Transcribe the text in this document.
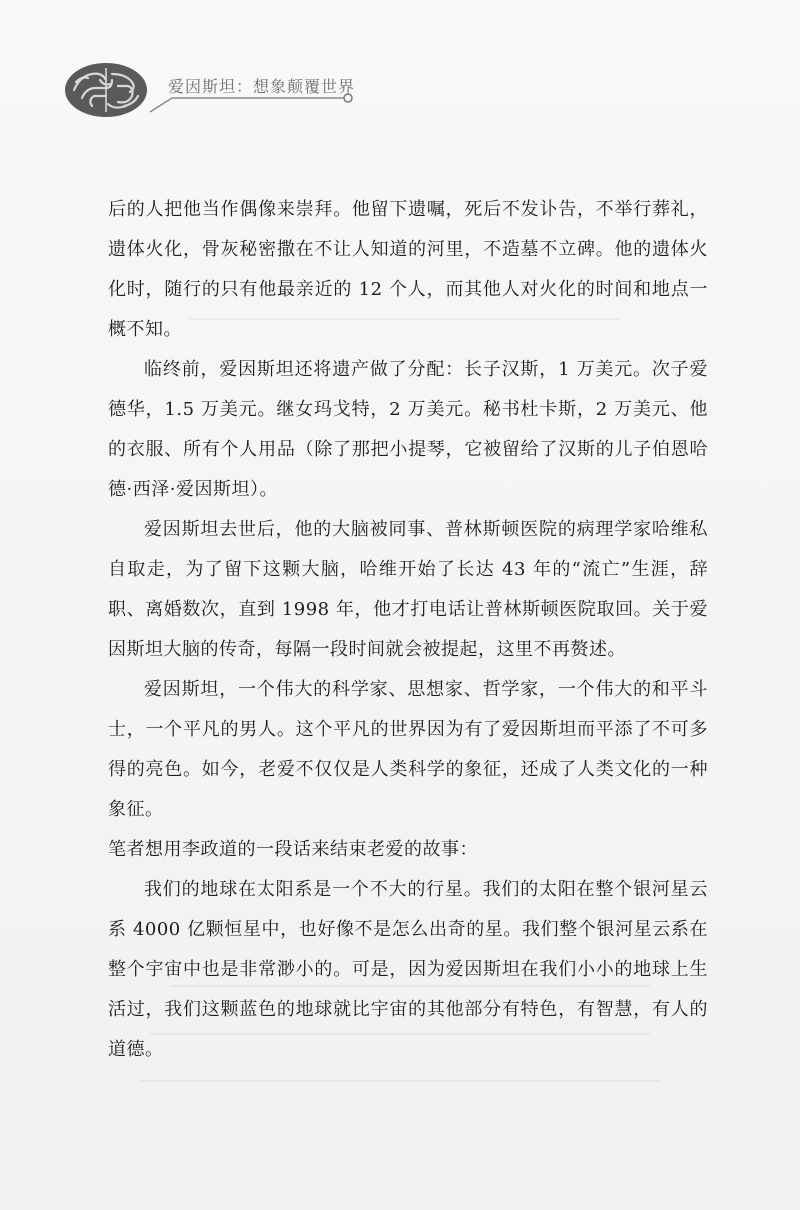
爱因斯坦：想象颠覆世界

后的人把他当作偶像来崇拜。他留下遗嘱，死后不发讣告，不举行葬礼，遗体火化，骨灰秘密撒在不让人知道的河里，不造墓不立碑。他的遗体火化时，随行的只有他最亲近的 12 个人，而其他人对火化的时间和地点一概不知。

临终前，爱因斯坦还将遗产做了分配：长子汉斯，1 万美元。次子爱德华，1.5 万美元。继女玛戈特，2 万美元。秘书杜卡斯，2 万美元、他的衣服、所有个人用品（除了那把小提琴，它被留给了汉斯的儿子伯恩哈德·西泽·爱因斯坦）。

爱因斯坦去世后，他的大脑被同事、普林斯顿医院的病理学家哈维私自取走，为了留下这颗大脑，哈维开始了长达 43 年的“流亡”生涯，辞职、离婚数次，直到 1998 年，他才打电话让普林斯顿医院取回。关于爱因斯坦大脑的传奇，每隔一段时间就会被提起，这里不再赘述。

爱因斯坦，一个伟大的科学家、思想家、哲学家，一个伟大的和平斗士，一个平凡的男人。这个平凡的世界因为有了爱因斯坦而平添了不可多得的亮色。如今，老爱不仅仅是人类科学的象征，还成了人类文化的一种象征。

笔者想用李政道的一段话来结束老爱的故事：

我们的地球在太阳系是一个不大的行星。我们的太阳在整个银河星云系 4000 亿颗恒星中，也好像不是怎么出奇的星。我们整个银河星云系在整个宇宙中也是非常渺小的。可是，因为爱因斯坦在我们小小的地球上生活过，我们这颗蓝色的地球就比宇宙的其他部分有特色，有智慧，有人的道德。
